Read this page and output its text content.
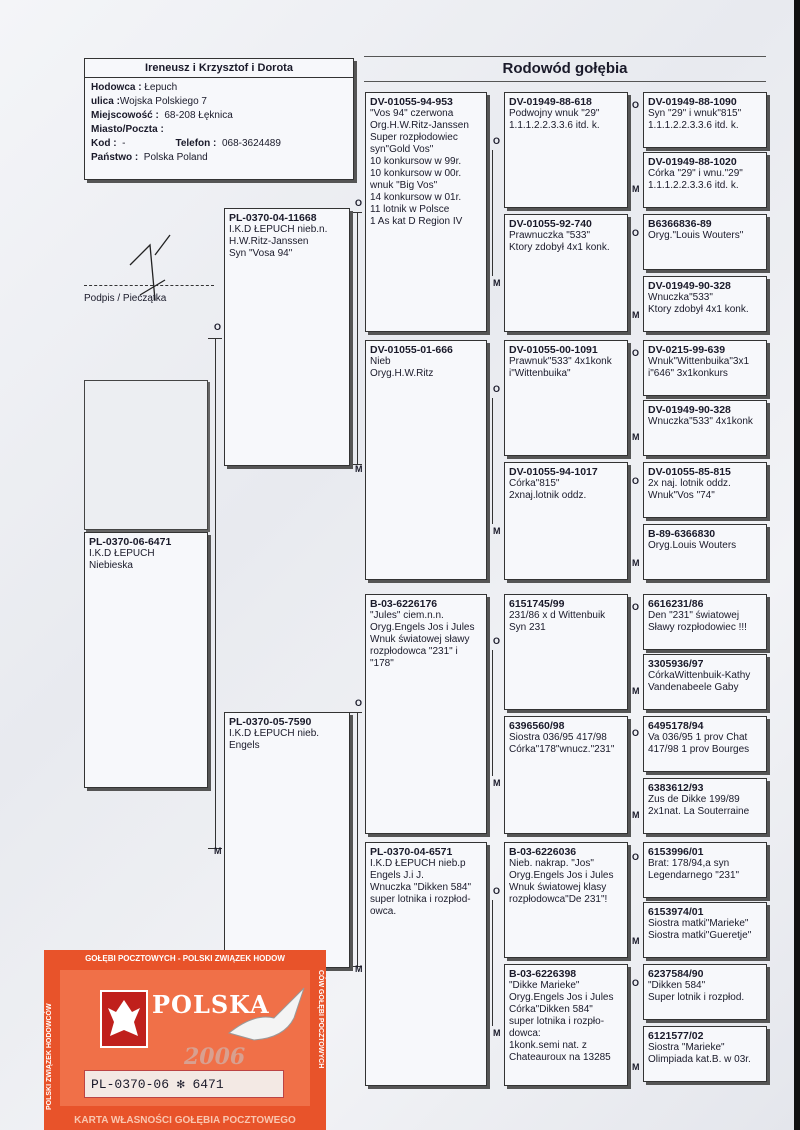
Ireneusz i Krzysztof i Dorota
Hodowca : Łepuch
ulica :Wojska Polskiego 7
Miejscowość : 68-208 Łęknica
Miasto/Poczta :
Kod : -	Telefon : 068-3624489
Państwo : Polska Poland
Rodowód gołębia
Podpis / Pieczątka
O
M
O
M
O
M
PL-0370-06-6471
I.K.D ŁEPUCH
Niebieska
PL-0370-04-11668
I.K.D ŁEPUCH nieb.n.
H.W.Ritz-Janssen
Syn "Vosa 94"
PL-0370-05-7590
I.K.D ŁEPUCH nieb.
Engels
DV-01055-94-953
"Vos 94" czerwona
Org.H.W.Ritz-Janssen
Super rozpłodowiec
syn"Gold Vos"
10 konkursow w 99r.
10 konkursow w 00r.
wnuk "Big Vos"
14 konkursow w 01r.
11 lotnik w Polsce
1 As kat D Region IV
DV-01055-01-666
Nieb
Oryg.H.W.Ritz
B-03-6226176
"Jules" ciem.n.n.
Oryg.Engels Jos i Jules
Wnuk światowej sławy
rozpłodowca "231" i
"178"
PL-0370-04-6571
I.K.D ŁEPUCH nieb.p
Engels J.i J.
Wnuczka "Dikken 584"
super lotnika i rozpłod-
owca.
O
M
O
M
O
M
O
M
DV-01949-88-618
Podwojny wnuk "29"
1.1.1.2.2.3.3.6 itd. k.
DV-01055-92-740
Prawnuczka "533"
Ktory zdobył 4x1 konk.
DV-01055-00-1091
Prawnuk"533" 4x1konk
i"Wittenbuika"
DV-01055-94-1017
Córka"815"
2xnaj.lotnik oddz.
6151745/99
231/86 x d Wittenbuik
Syn 231
6396560/98
Siostra 036/95 417/98
Córka"178"wnucz."231"
B-03-6226036
Nieb. nakrap. "Jos"
Oryg.Engels Jos i Jules
Wnuk światowej klasy
rozpłodowca"De 231"!
B-03-6226398
"Dikke Marieke"
Oryg.Engels Jos i Jules
Córka"Dikken 584"
super lotnika i rozpło-
dowca:
1konk.semi nat. z
Chateauroux na 13285
O
M
O
M
O
M
O
M
O
M
O
M
O
M
O
M
DV-01949-88-1090
Syn "29" i wnuk"815"
1.1.1.2.2.3.3.6 itd. k.
DV-01949-88-1020
Córka "29" i wnu."29"
1.1.1.2.2.3.3.6 itd. k.
B6366836-89
Oryg."Louis Wouters"
DV-01949-90-328
Wnuczka"533"
Ktory zdobył 4x1 konk.
DV-0215-99-639
Wnuk"Wittenbuika"3x1
i"646" 3x1konkurs
DV-01949-90-328
Wnuczka"533" 4x1konk
DV-01055-85-815
2x naj. lotnik oddz.
Wnuk"Vos "74"
B-89-6366830
Oryg.Louis Wouters
6616231/86
Den "231" światowej
Sławy rozpłodowiec !!!
3305936/97
CórkaWittenbuik-Kathy
Vandenabeele Gaby
6495178/94
Va 036/95 1 prov Chat
417/98 1 prov Bourges
6383612/93
Zus de Dikke 199/89
2x1nat. La Souterraine
6153996/01
Brat: 178/94,a syn
Legendarnego "231"
6153974/01
Siostra matki"Marieke"
Siostra matki"Gueretje"
6237584/90
"Dikken 584"
Super lotnik i rozpłod.
6121577/02
Siostra "Marieke"
Olimpiada kat.B. w 03r.
GOŁĘBI POCZTOWYCH - POLSKI ZWIĄZEK HODOW
POLSKI ZWIĄZEK HODOWCÓW	CÓW GOŁĘBI POCZTOWYCH
POLSKA
2006
PL-0370-06 ✻ 6471
KARTA WŁASNOŚCI GOŁĘBIA POCZTOWEGO
